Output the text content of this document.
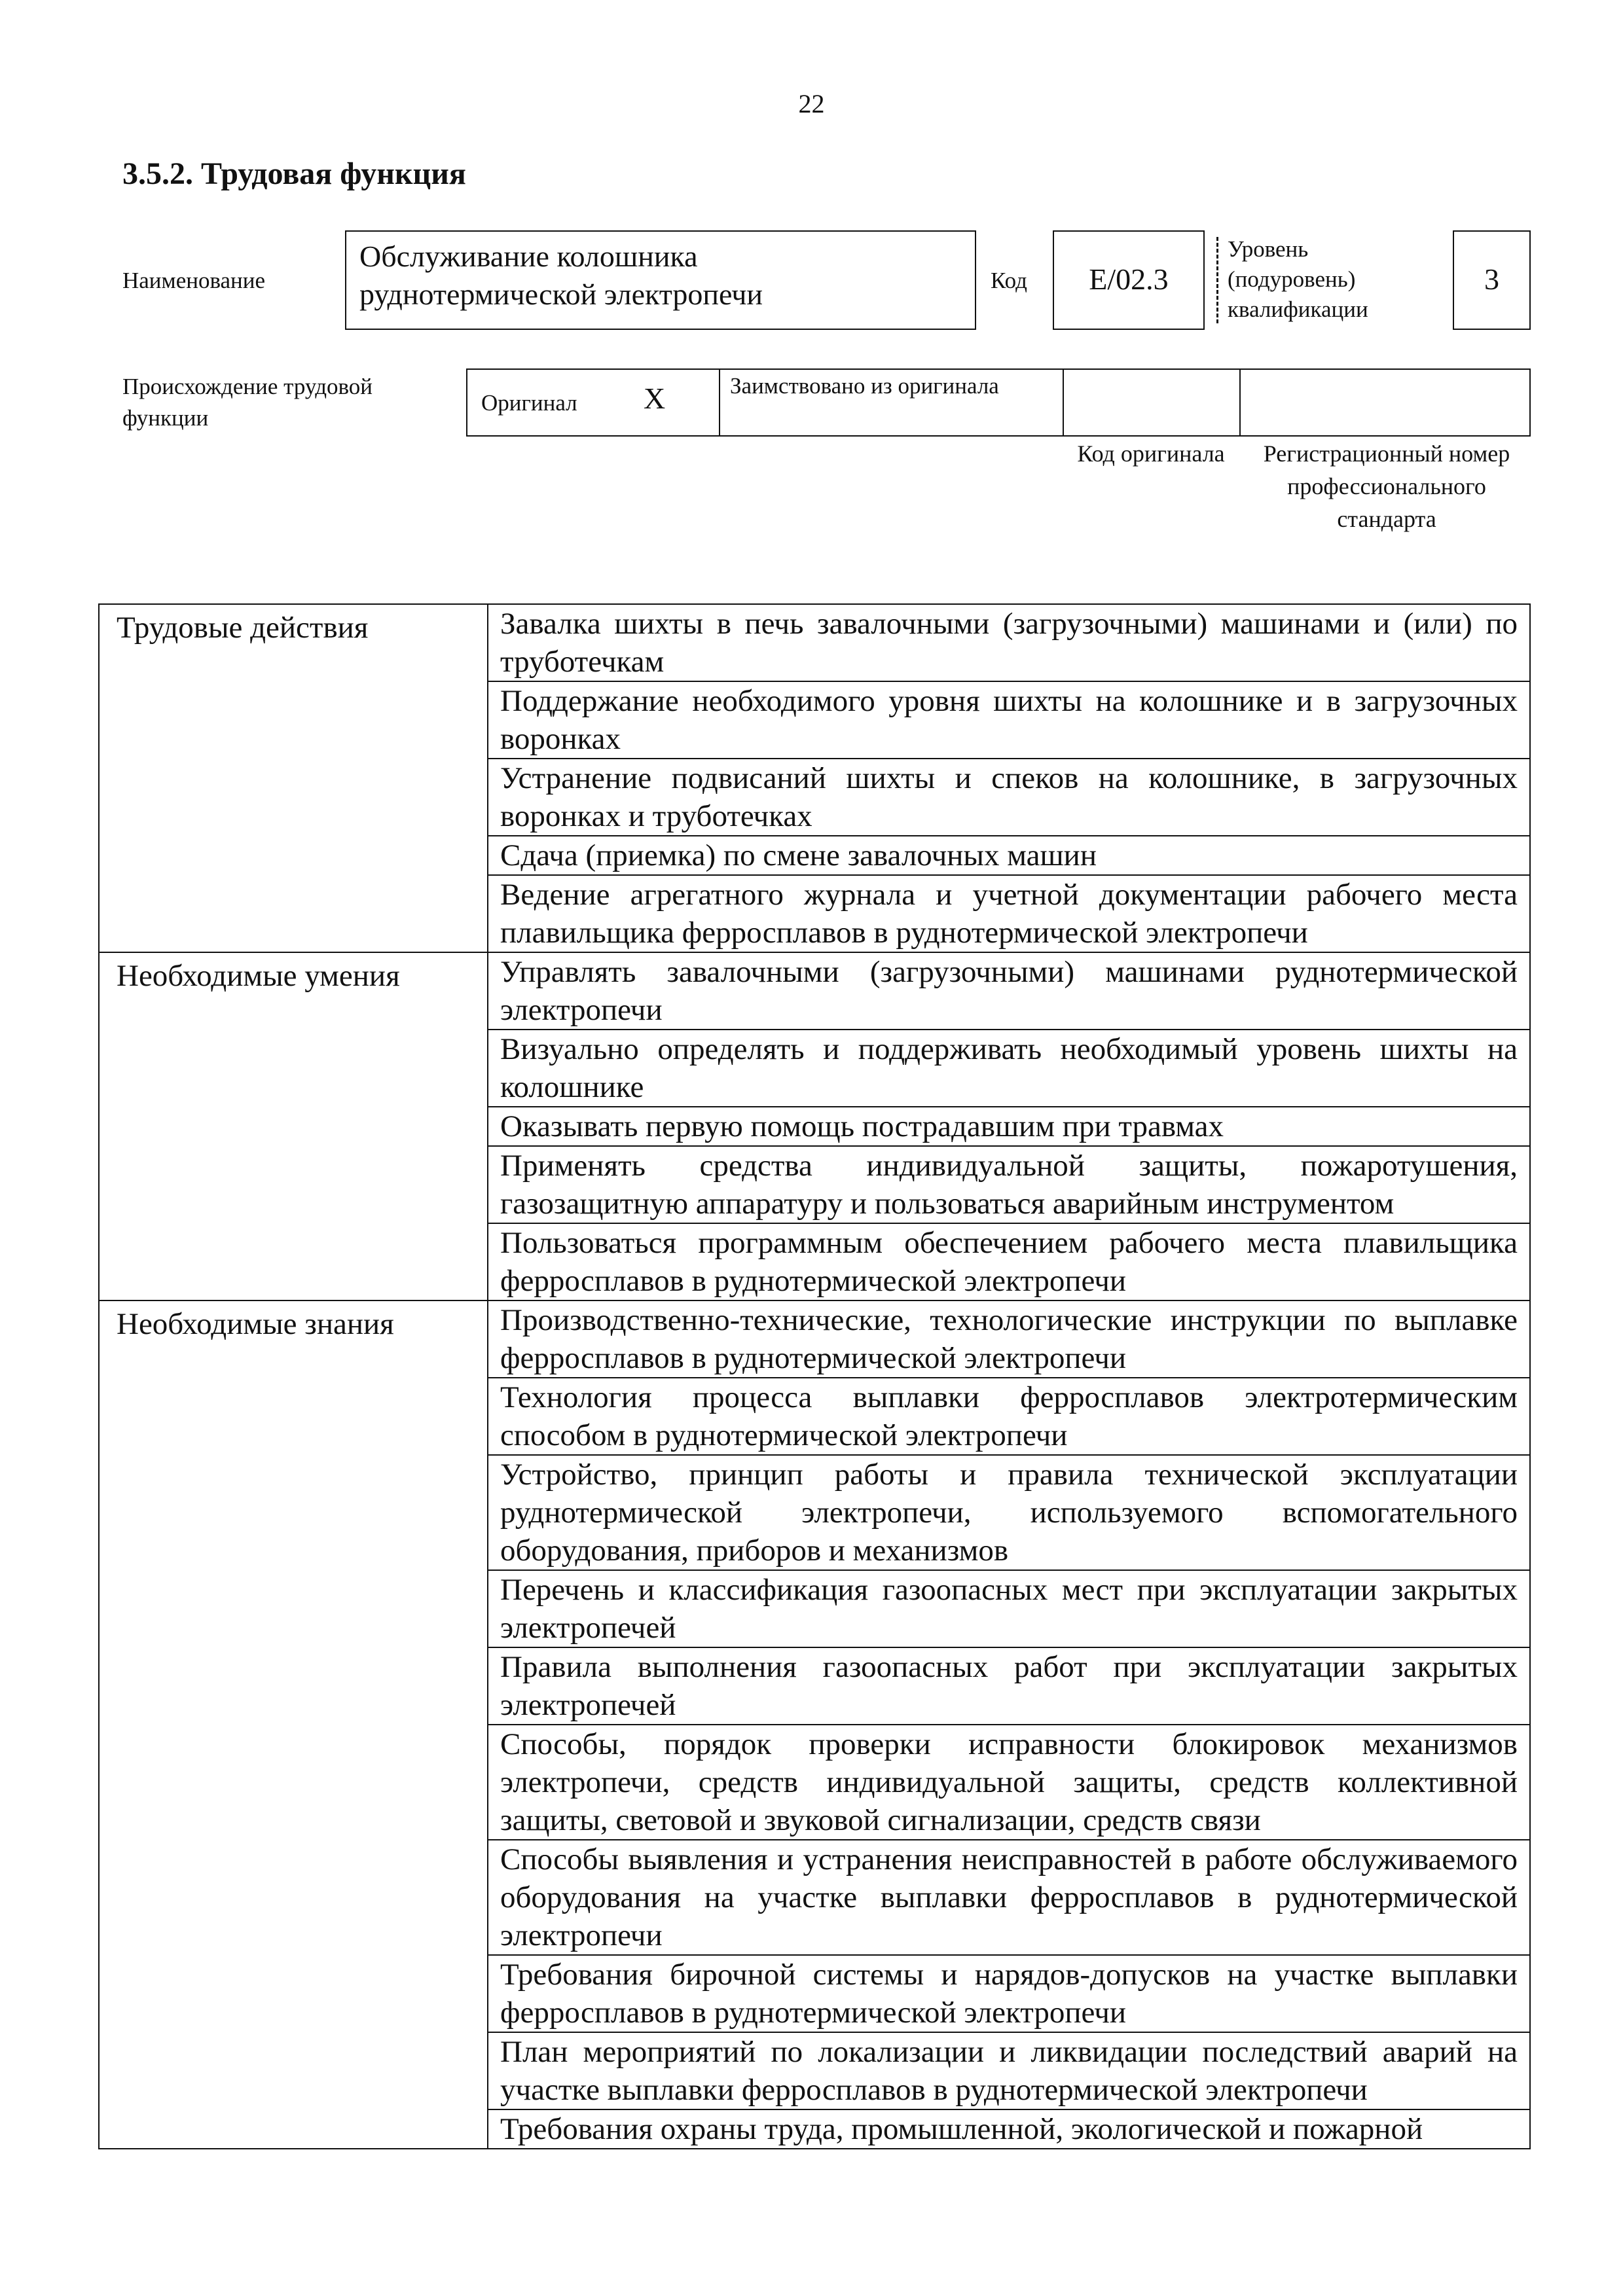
22
3.5.2. Трудовая функция
Наименование
Обслуживание колошника руднотермической электропечи	Код	E/02.3
Уровень (подуровень) квалификации
3
Происхождение трудовой функции
Оригинал X	Заимствовано из оригинала
Код оригинала	Регистрационный номер профессионального стандарта
Трудовые действия	Завалка шихты в печь завалочными (загрузочными) машинами и (или) по труботечкам
	Поддержание необходимого уровня шихты на колошнике и в загрузочных воронках
	Устранение подвисаний шихты и спеков на колошнике, в загрузочных воронках и труботечках
	Сдача (приемка) по смене завалочных машин
	Ведение агрегатного журнала и учетной документации рабочего места плавильщика ферросплавов в руднотермической электропечи
Необходимые умения	Управлять завалочными (загрузочными) машинами руднотермической электропечи
	Визуально определять и поддерживать необходимый уровень шихты на колошнике
	Оказывать первую помощь пострадавшим при травмах
	Применять средства индивидуальной защиты, пожаротушения, газозащитную аппаратуру и пользоваться аварийным инструментом
	Пользоваться программным обеспечением рабочего места плавильщика ферросплавов в руднотермической электропечи
Необходимые знания	Производственно-технические, технологические инструкции по выплавке ферросплавов в руднотермической электропечи
	Технология процесса выплавки ферросплавов электротермическим способом в руднотермической электропечи
	Устройство, принцип работы и правила технической эксплуатации руднотермической электропечи, используемого вспомогательного оборудования, приборов и механизмов
	Перечень и классификация газоопасных мест при эксплуатации закрытых электропечей
	Правила выполнения газоопасных работ при эксплуатации закрытых электропечей
	Способы, порядок проверки исправности блокировок механизмов электропечи, средств индивидуальной защиты, средств коллективной защиты, световой и звуковой сигнализации, средств связи
	Способы выявления и устранения неисправностей в работе обслуживаемого оборудования на участке выплавки ферросплавов в руднотермической электропечи
	Требования бирочной системы и нарядов-допусков на участке выплавки ферросплавов в руднотермической электропечи
	План мероприятий по локализации и ликвидации последствий аварий на участке выплавки ферросплавов в руднотермической электропечи
	Требования охраны труда, промышленной, экологической и пожарной
